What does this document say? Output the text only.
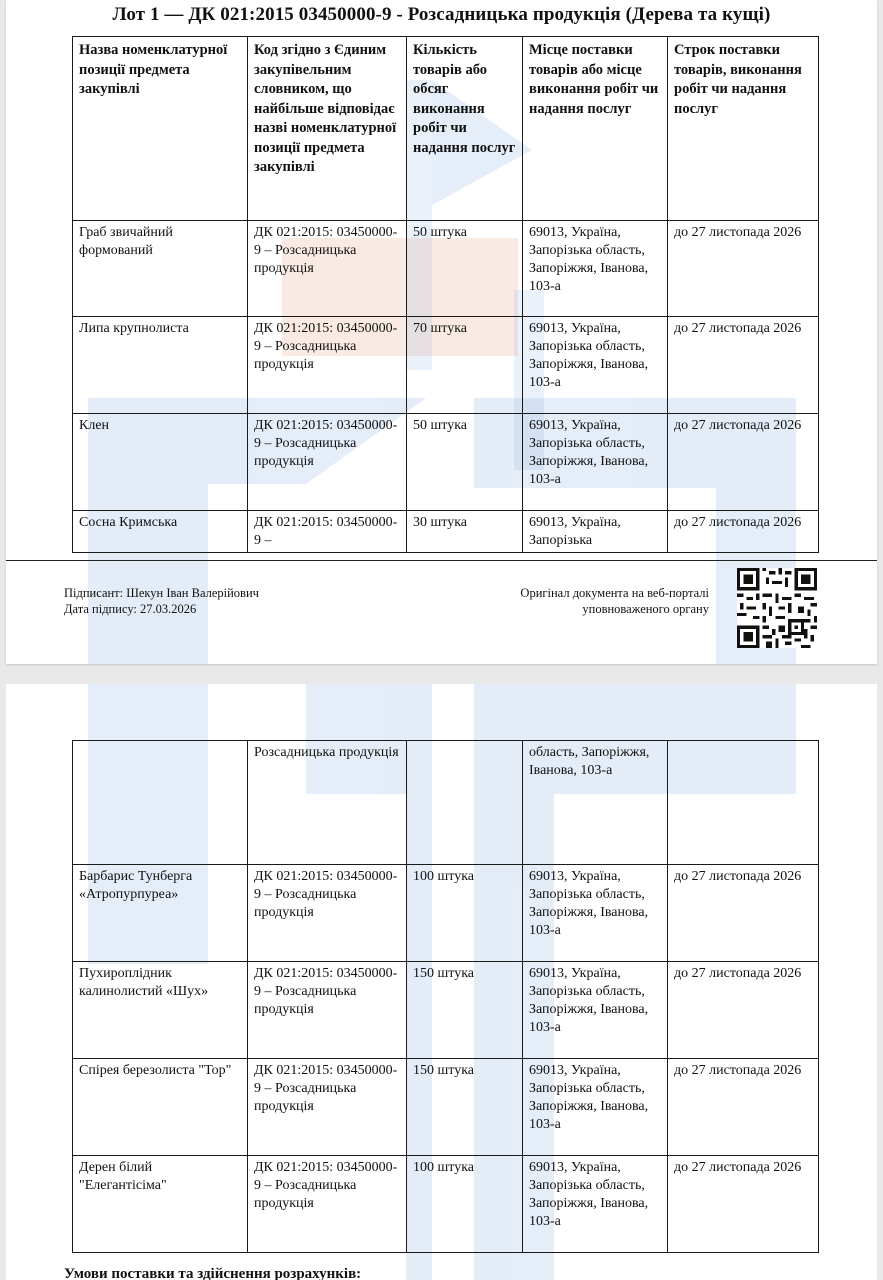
Лот 1 — ДК 021:2015 03450000-9 - Розсадницька продукція (Дерева та кущі)
Назва номенклатурної позиції предмета закупівлі	Код згідно з Єдиним закупівельним словником, що найбільше відповідає назві номенклатурної позиції предмета закупівлі	Кількість товарів або обсяг виконання робіт чи надання послуг	Місце поставки товарів або місце виконання робіт чи надання послуг	Строк поставки товарів, виконання робіт чи надання послуг
Граб звичайний формований	ДК 021:2015: 03450000-9 – Розсадницька продукція	50 штука	69013, Україна, Запорізька область, Запоріжжя, Іванова, 103-а	до 27 листопада 2026
Липа крупнолиста	ДК 021:2015: 03450000-9 – Розсадницька продукція	70 штука	69013, Україна, Запорізька область, Запоріжжя, Іванова, 103-а	до 27 листопада 2026
Клен	ДК 021:2015: 03450000-9 – Розсадницька продукція	50 штука	69013, Україна, Запорізька область, Запоріжжя, Іванова, 103-а	до 27 листопада 2026
Сосна Кримська	ДК 021:2015: 03450000-9 –	30 штука	69013, Україна, Запорізька	до 27 листопада 2026
Підписант: Шекун Іван Валерійович
Дата підпису: 27.03.2026
Оригінал документа на веб-порталі
уповноваженого органу
	Розсадницька продукція		область, Запоріжжя, Іванова, 103-а	
Барбарис Тунберга «Атропурпуреа»	ДК 021:2015: 03450000-9 – Розсадницька продукція	100 штука	69013, Україна, Запорізька область, Запоріжжя, Іванова, 103-а	до 27 листопада 2026
Пухироплідник калинолистий «Шух»	ДК 021:2015: 03450000-9 – Розсадницька продукція	150 штука	69013, Україна, Запорізька область, Запоріжжя, Іванова, 103-а	до 27 листопада 2026
Спірея березолиста "Тор"	ДК 021:2015: 03450000-9 – Розсадницька продукція	150 штука	69013, Україна, Запорізька область, Запоріжжя, Іванова, 103-а	до 27 листопада 2026
Дерен білий "Елегантісіма"	ДК 021:2015: 03450000-9 – Розсадницька продукція	100 штука	69013, Україна, Запорізька область, Запоріжжя, Іванова, 103-а	до 27 листопада 2026
Умови поставки та здійснення розрахунків:
